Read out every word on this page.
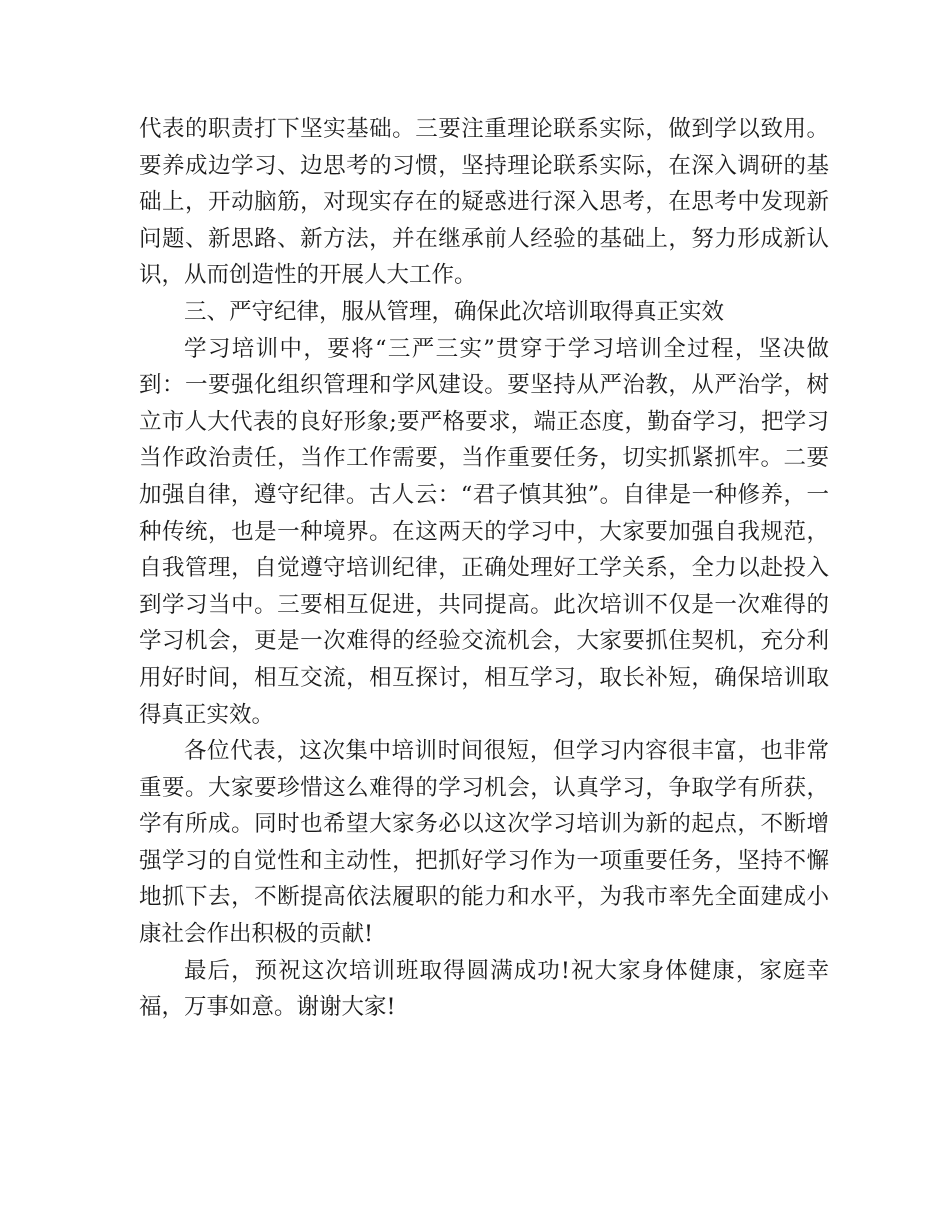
代表的职责打下坚实基础。三要注重理论联系实际，做到学以致用。要养成边学习、边思考的习惯，坚持理论联系实际，在深入调研的基础上，开动脑筋，对现实存在的疑惑进行深入思考，在思考中发现新问题、新思路、新方法，并在继承前人经验的基础上，努力形成新认识，从而创造性的开展人大工作。

三、严守纪律，服从管理，确保此次培训取得真正实效

学习培训中，要将“三严三实”贯穿于学习培训全过程，坚决做到：一要强化组织管理和学风建设。要坚持从严治教，从严治学，树立市人大代表的良好形象;要严格要求，端正态度，勤奋学习，把学习当作政治责任，当作工作需要，当作重要任务，切实抓紧抓牢。二要加强自律，遵守纪律。古人云：“君子慎其独”。自律是一种修养，一种传统，也是一种境界。在这两天的学习中，大家要加强自我规范，自我管理，自觉遵守培训纪律，正确处理好工学关系，全力以赴投入到学习当中。三要相互促进，共同提高。此次培训不仅是一次难得的学习机会，更是一次难得的经验交流机会，大家要抓住契机，充分利用好时间，相互交流，相互探讨，相互学习，取长补短，确保培训取得真正实效。

各位代表，这次集中培训时间很短，但学习内容很丰富，也非常重要。大家要珍惜这么难得的学习机会，认真学习，争取学有所获，学有所成。同时也希望大家务必以这次学习培训为新的起点，不断增强学习的自觉性和主动性，把抓好学习作为一项重要任务，坚持不懈地抓下去，不断提高依法履职的能力和水平，为我市率先全面建成小康社会作出积极的贡献!

最后，预祝这次培训班取得圆满成功!祝大家身体健康，家庭幸福，万事如意。谢谢大家!
